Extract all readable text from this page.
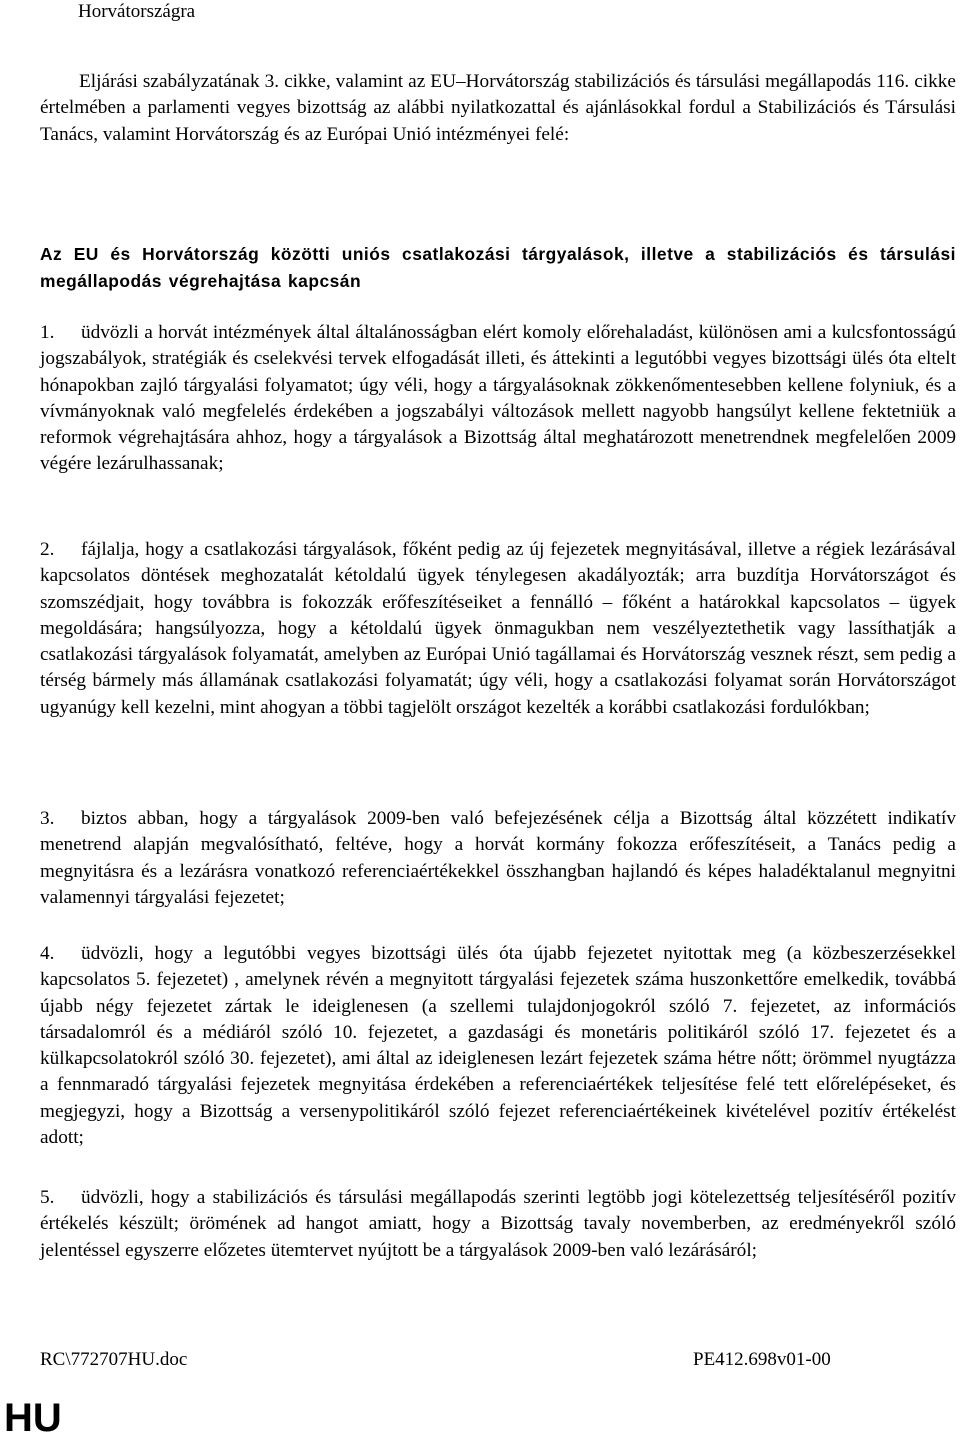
Horvátországra

Eljárási szabályzatának 3. cikke, valamint az EU–Horvátország stabilizációs és társulási megállapodás 116. cikke értelmében a parlamenti vegyes bizottság az alábbi nyilatkozattal és ajánlásokkal fordul a Stabilizációs és Társulási Tanács, valamint Horvátország és az Európai Unió intézményei felé:

Az EU és Horvátország közötti uniós csatlakozási tárgyalások, illetve a stabilizációs és társulási megállapodás végrehajtása kapcsán

1. üdvözli a horvát intézmények által általánosságban elért komoly előrehaladást, különösen ami a kulcsfontosságú jogszabályok, stratégiák és cselekvési tervek elfogadását illeti, és áttekinti a legutóbbi vegyes bizottsági ülés óta eltelt hónapokban zajló tárgyalási folyamatot; úgy véli, hogy a tárgyalásoknak zökkenőmentesebben kellene folyniuk, és a vívmányoknak való megfelelés érdekében a jogszabályi változások mellett nagyobb hangsúlyt kellene fektetniük a reformok végrehajtására ahhoz, hogy a tárgyalások a Bizottság által meghatározott menetrendnek megfelelően 2009 végére lezárulhassanak;

2. fájlalja, hogy a csatlakozási tárgyalások, főként pedig az új fejezetek megnyitásával, illetve a régiek lezárásával kapcsolatos döntések meghozatalát kétoldalú ügyek ténylegesen akadályozták; arra buzdítja Horvátországot és szomszédjait, hogy továbbra is fokozzák erőfeszítéseiket a fennálló – főként a határokkal kapcsolatos – ügyek megoldására; hangsúlyozza, hogy a kétoldalú ügyek önmagukban nem veszélyeztethetik vagy lassíthatják a csatlakozási tárgyalások folyamatát, amelyben az Európai Unió tagállamai és Horvátország vesznek részt, sem pedig a térség bármely más államának csatlakozási folyamatát; úgy véli, hogy a csatlakozási folyamat során Horvátországot ugyanúgy kell kezelni, mint ahogyan a többi tagjelölt országot kezelték a korábbi csatlakozási fordulókban;

3. biztos abban, hogy a tárgyalások 2009-ben való befejezésének célja a Bizottság által közzétett indikatív menetrend alapján megvalósítható, feltéve, hogy a horvát kormány fokozza erőfeszítéseit, a Tanács pedig a megnyitásra és a lezárásra vonatkozó referenciaértékekkel összhangban hajlandó és képes haladéktalanul megnyitni valamennyi tárgyalási fejezetet;

4. üdvözli, hogy a legutóbbi vegyes bizottsági ülés óta újabb fejezetet nyitottak meg (a közbeszerzésekkel kapcsolatos 5. fejezetet) , amelynek révén a megnyitott tárgyalási fejezetek száma huszonkettőre emelkedik, továbbá újabb négy fejezetet zártak le ideiglenesen (a szellemi tulajdonjogokról szóló 7. fejezetet, az információs társadalomról és a médiáról szóló 10. fejezetet, a gazdasági és monetáris politikáról szóló 17. fejezetet és a külkapcsolatokról szóló 30. fejezetet), ami által az ideiglenesen lezárt fejezetek száma hétre nőtt; örömmel nyugtázza a fennmaradó tárgyalási fejezetek megnyitása érdekében a referenciaértékek teljesítése felé tett előrelépéseket, és megjegyzi, hogy a Bizottság a versenypolitikáról szóló fejezet referenciaértékeinek kivételével pozitív értékelést adott;

5. üdvözli, hogy a stabilizációs és társulási megállapodás szerinti legtöbb jogi kötelezettség teljesítéséről pozitív értékelés készült; örömének ad hangot amiatt, hogy a Bizottság tavaly novemberben, az eredményekről szóló jelentéssel egyszerre előzetes ütemtervet nyújtott be a tárgyalások 2009-ben való lezárásáról;

RC\772707HU.doc	PE412.698v01-00
HU
